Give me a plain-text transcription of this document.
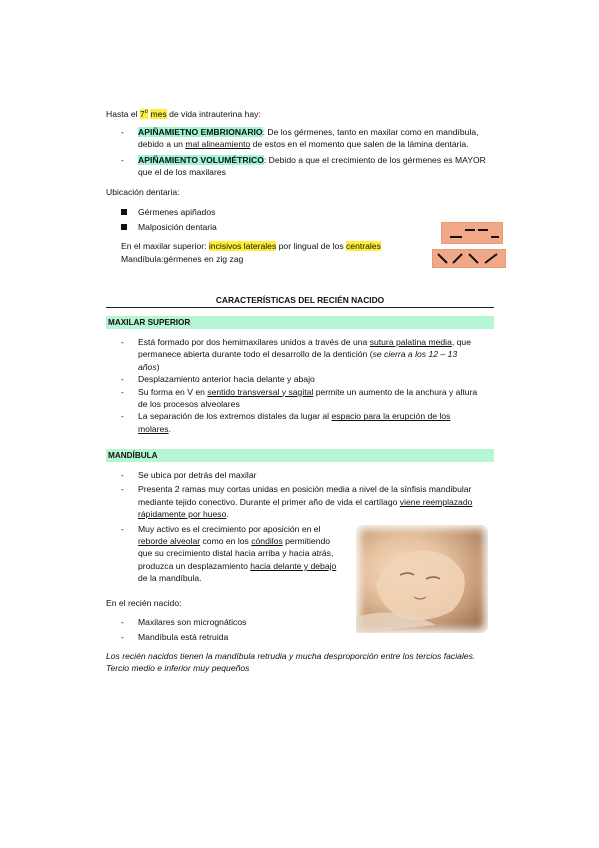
Hasta el 7$^o$ mes de vida intrauterina hay:
- APIÑAMIETNO EMBRIONARIO: De los gérmenes, tanto en maxilar como en mandíbula,
debido a un mal alineamiento de estos en el momento que salen de la lámina dentaria.
- APIÑAMIENTO VOLUMÉTRICO: Debido a que el crecimiento de los gérmenes es MAYOR
que el de los maxilares
Ubicación dentaria:
Gérmenes apiñados
Malposición dentaria
En el maxilar superior: incisivos laterales por lingual de los centrales
Mandíbula:gérmenes en zig zag
CARACTERÍSTICAS DEL RECIÉN NACIDO
MAXILAR SUPERIOR
- Está formado por dos hemimaxilares unidos a través de una sutura palatina media, que
permanece abierta durante todo el desarrollo de la dentición (se cierra a los 12 – 13
años)
- Desplazamiento anterior hacia delante y abajo
- Su forma en V en sentido transversal y sagital permite un aumento de la anchura y altura
de los procesos alveolares
- La separación de los extremos distales da lugar al espacio para la erupción de los
molares.
MANDÍBULA
- Se ubica por detrás del maxilar
- Presenta 2 ramas muy cortas unidas en posición media a nivel de la sínfisis mandibular
mediante tejido conectivo. Durante el primer año de vida el cartílago viene reemplazado
rápidamente por hueso.
- Muy activo es el crecimiento por aposición en el
reborde alveolar como en los cóndilos permitiendo
que su crecimiento distal hacia arriba y hacia atrás,
produzca un desplazamiento hacia delante y debajo
de la mandíbula.
En el recién nacido:
- Maxilares son micrognáticos
- Mandíbula está retruida
Los recién nacidos tienen la mandíbula retrudia y mucha desproporción entre los tercios faciales.
Tercio medio e inferior muy pequeños
